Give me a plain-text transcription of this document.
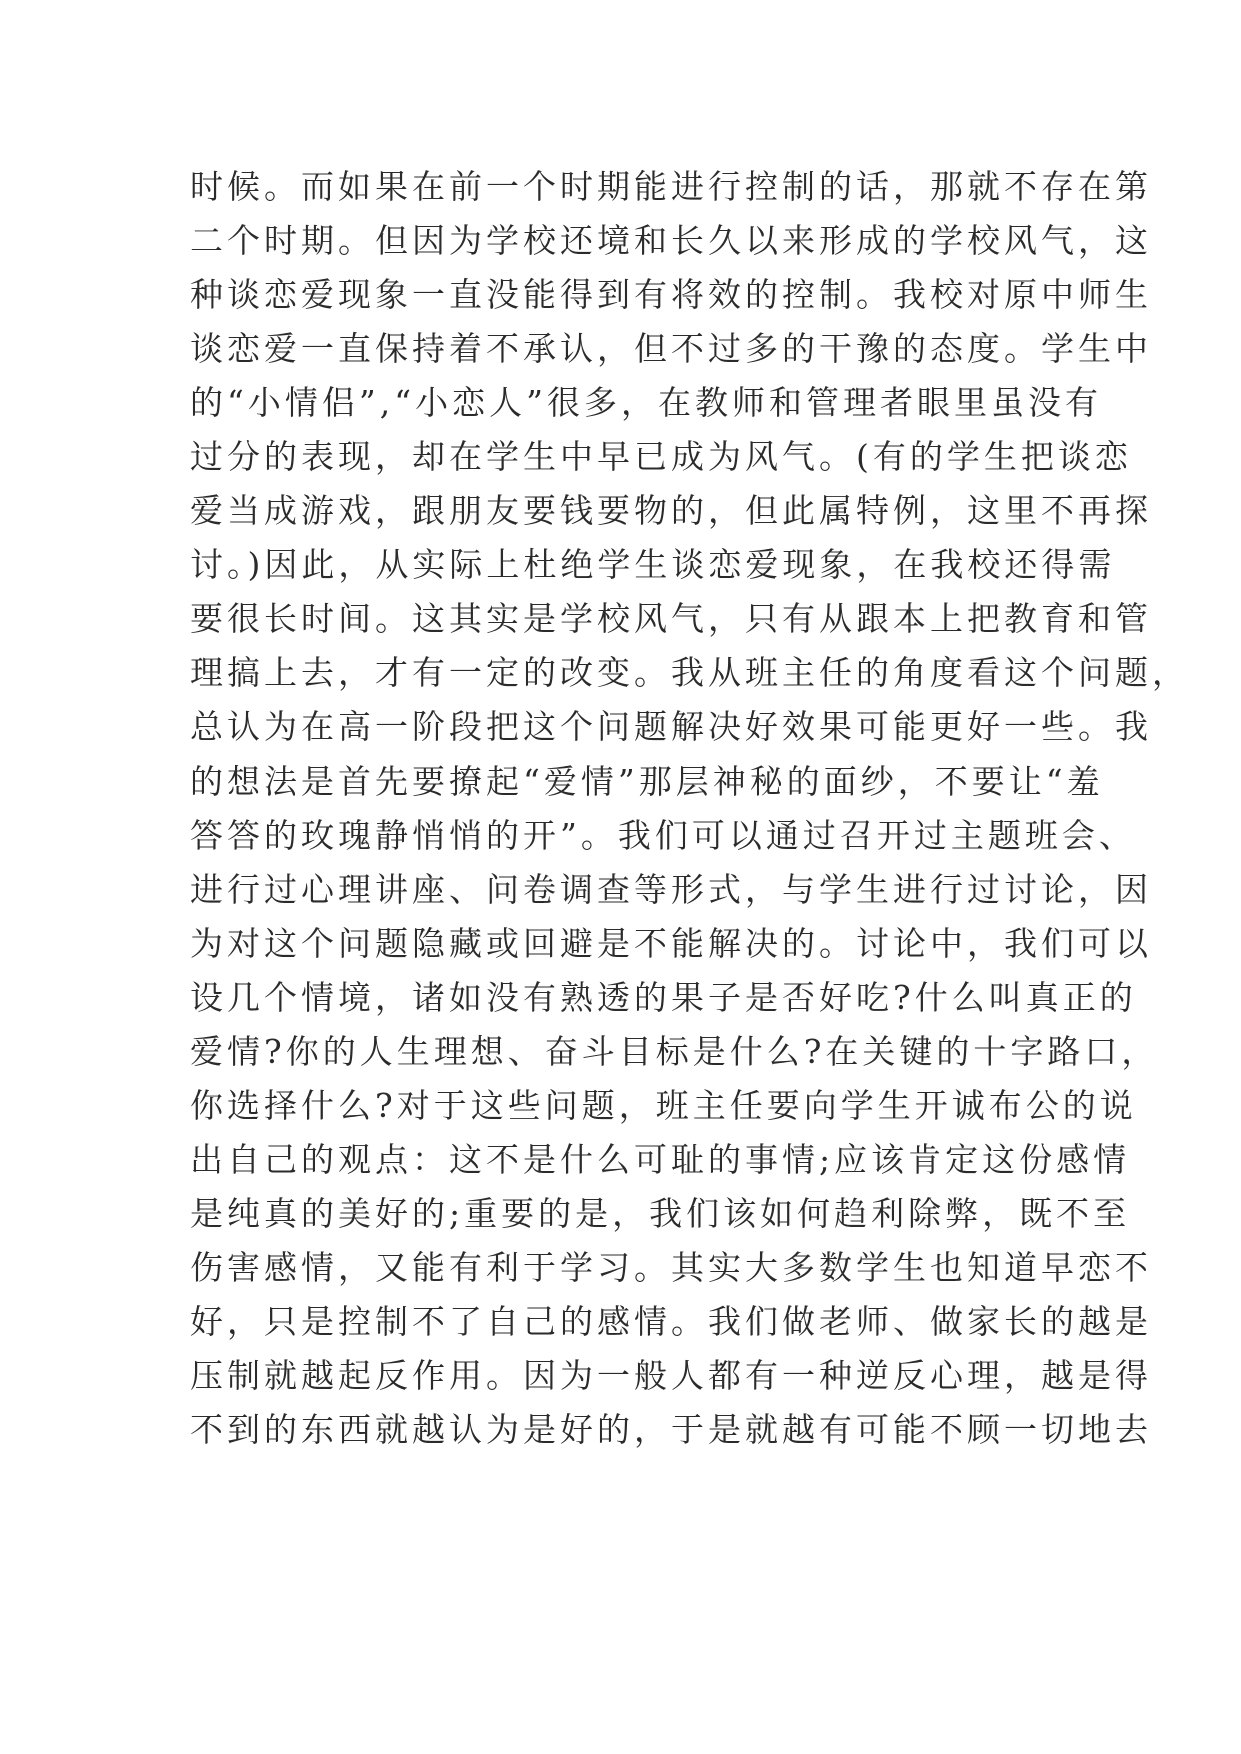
时候。而如果在前一个时期能进行控制的话，那就不存在第
二个时期。但因为学校还境和长久以来形成的学校风气，这
种谈恋爱现象一直没能得到有将效的控制。我校对原中师生
谈恋爱一直保持着不承认，但不过多的干豫的态度。学生中
的“小情侣”,“小恋人”很多，在教师和管理者眼里虽没有
过分的表现，却在学生中早已成为风气。(有的学生把谈恋
爱当成游戏，跟朋友要钱要物的，但此属特例，这里不再探
讨。)因此，从实际上杜绝学生谈恋爱现象，在我校还得需
要很长时间。这其实是学校风气，只有从跟本上把教育和管
理搞上去，才有一定的改变。我从班主任的角度看这个问题，
总认为在高一阶段把这个问题解决好效果可能更好一些。我
的想法是首先要撩起“爱情”那层神秘的面纱，不要让“羞
答答的玫瑰静悄悄的开”。我们可以通过召开过主题班会、
进行过心理讲座、问卷调查等形式，与学生进行过讨论，因
为对这个问题隐藏或回避是不能解决的。讨论中，我们可以
设几个情境，诸如没有熟透的果子是否好吃?什么叫真正的
爱情?你的人生理想、奋斗目标是什么?在关键的十字路口，
你选择什么?对于这些问题，班主任要向学生开诚布公的说
出自己的观点：这不是什么可耻的事情;应该肯定这份感情
是纯真的美好的;重要的是，我们该如何趋利除弊，既不至
伤害感情，又能有利于学习。其实大多数学生也知道早恋不
好，只是控制不了自己的感情。我们做老师、做家长的越是
压制就越起反作用。因为一般人都有一种逆反心理，越是得
不到的东西就越认为是好的，于是就越有可能不顾一切地去
